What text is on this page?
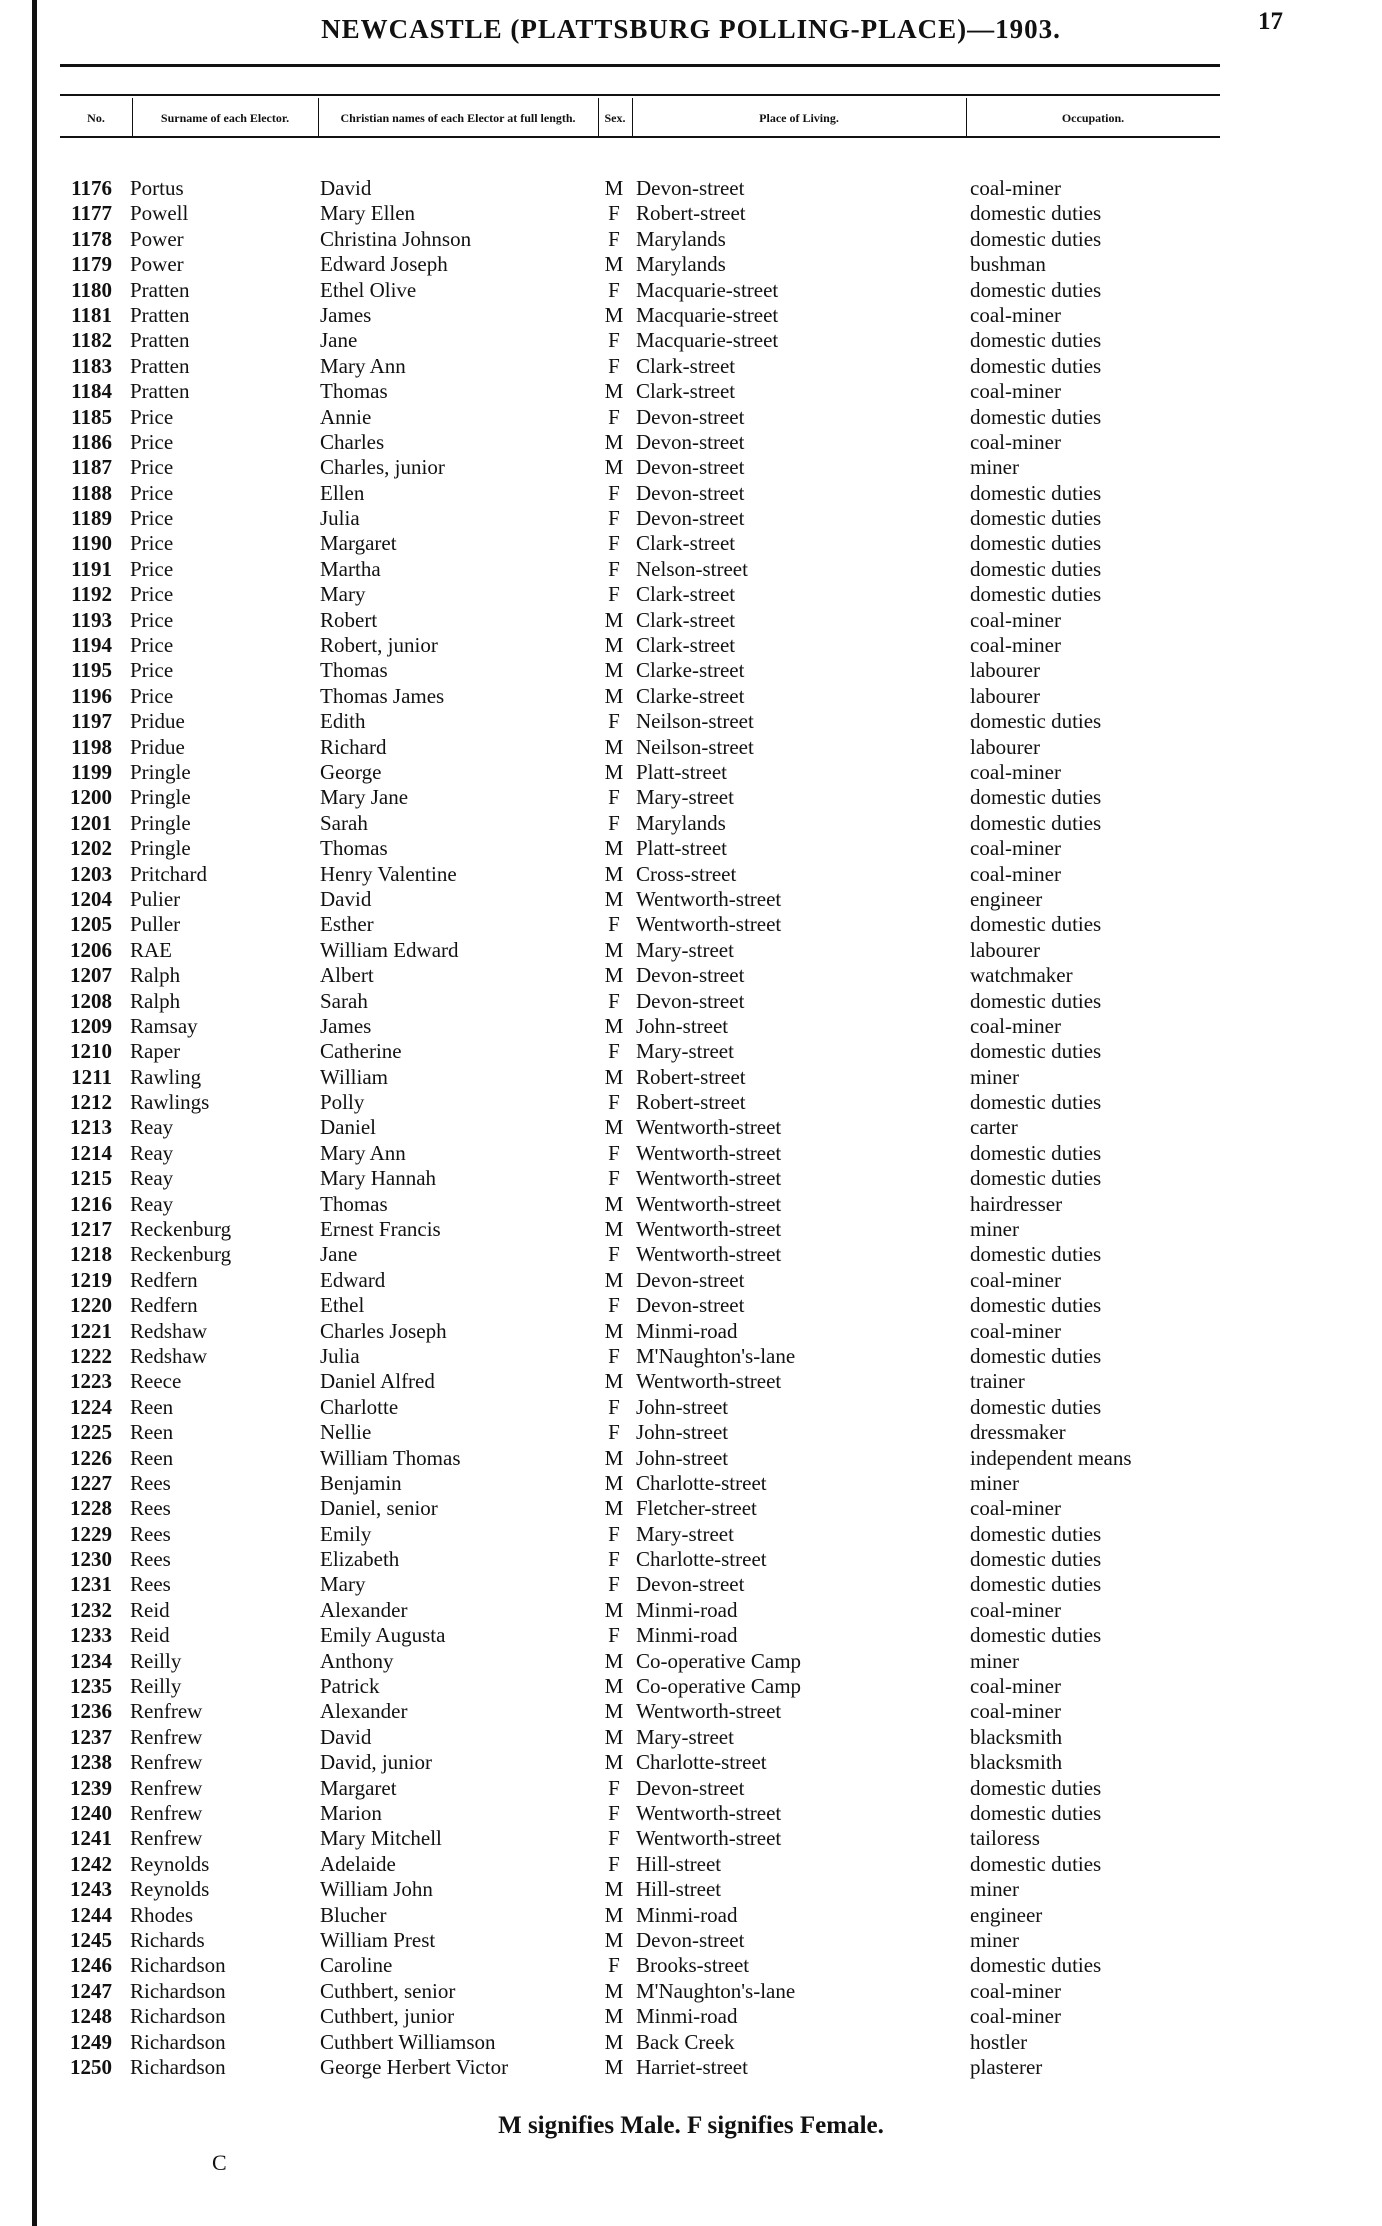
NEWCASTLE (PLATTSBURG POLLING-PLACE)—1903.	17
No.	Surname of each Elector.	Christian names of each Elector at full length.	Sex.	Place of Living.	Occupation.
1176 Portus	David	M Devon-street	coal-miner
1177 Powell	Mary Ellen	F Robert-street	domestic duties
1178 Power	Christina Johnson	F Marylands	domestic duties
1179 Power	Edward Joseph	M Marylands	bushman
1180 Pratten	Ethel Olive	F Macquarie-street	domestic duties
1181 Pratten	James	M Macquarie-street	coal-miner
1182 Pratten	Jane	F Macquarie-street	domestic duties
1183 Pratten	Mary Ann	F Clark-street	domestic duties
1184 Pratten	Thomas	M Clark-street	coal-miner
1185 Price	Annie	F Devon-street	domestic duties
1186 Price	Charles	M Devon-street	coal-miner
1187 Price	Charles, junior	M Devon-street	miner
1188 Price	Ellen	F Devon-street	domestic duties
1189 Price	Julia	F Devon-street	domestic duties
1190 Price	Margaret	F Clark-street	domestic duties
1191 Price	Martha	F Nelson-street	domestic duties
1192 Price	Mary	F Clark-street	domestic duties
1193 Price	Robert	M Clark-street	coal-miner
1194 Price	Robert, junior	M Clark-street	coal-miner
1195 Price	Thomas	M Clarke-street	labourer
1196 Price	Thomas James	M Clarke-street	labourer
1197 Pridue	Edith	F Neilson-street	domestic duties
1198 Pridue	Richard	M Neilson-street	labourer
1199 Pringle	George	M Platt-street	coal-miner
1200 Pringle	Mary Jane	F Mary-street	domestic duties
1201 Pringle	Sarah	F Marylands	domestic duties
1202 Pringle	Thomas	M Platt-street	coal-miner
1203 Pritchard	Henry Valentine	M Cross-street	coal-miner
1204 Pulier	David	M Wentworth-street	engineer
1205 Puller	Esther	F Wentworth-street	domestic duties
1206 RAE	William Edward	M Mary-street	labourer
1207 Ralph	Albert	M Devon-street	watchmaker
1208 Ralph	Sarah	F Devon-street	domestic duties
1209 Ramsay	James	M John-street	coal-miner
1210 Raper	Catherine	F Mary-street	domestic duties
1211 Rawling	William	M Robert-street	miner
1212 Rawlings	Polly	F Robert-street	domestic duties
1213 Reay	Daniel	M Wentworth-street	carter
1214 Reay	Mary Ann	F Wentworth-street	domestic duties
1215 Reay	Mary Hannah	F Wentworth-street	domestic duties
1216 Reay	Thomas	M Wentworth-street	hairdresser
1217 Reckenburg	Ernest Francis	M Wentworth-street	miner
1218 Reckenburg	Jane	F Wentworth-street	domestic duties
1219 Redfern	Edward	M Devon-street	coal-miner
1220 Redfern	Ethel	F Devon-street	domestic duties
1221 Redshaw	Charles Joseph	M Minmi-road	coal-miner
1222 Redshaw	Julia	F M'Naughton's-lane	domestic duties
1223 Reece	Daniel Alfred	M Wentworth-street	trainer
1224 Reen	Charlotte	F John-street	domestic duties
1225 Reen	Nellie	F John-street	dressmaker
1226 Reen	William Thomas	M John-street	independent means
1227 Rees	Benjamin	M Charlotte-street	miner
1228 Rees	Daniel, senior	M Fletcher-street	coal-miner
1229 Rees	Emily	F Mary-street	domestic duties
1230 Rees	Elizabeth	F Charlotte-street	domestic duties
1231 Rees	Mary	F Devon-street	domestic duties
1232 Reid	Alexander	M Minmi-road	coal-miner
1233 Reid	Emily Augusta	F Minmi-road	domestic duties
1234 Reilly	Anthony	M Co-operative Camp	miner
1235 Reilly	Patrick	M Co-operative Camp	coal-miner
1236 Renfrew	Alexander	M Wentworth-street	coal-miner
1237 Renfrew	David	M Mary-street	blacksmith
1238 Renfrew	David, junior	M Charlotte-street	blacksmith
1239 Renfrew	Margaret	F Devon-street	domestic duties
1240 Renfrew	Marion	F Wentworth-street	domestic duties
1241 Renfrew	Mary Mitchell	F Wentworth-street	tailoress
1242 Reynolds	Adelaide	F Hill-street	domestic duties
1243 Reynolds	William John	M Hill-street	miner
1244 Rhodes	Blucher	M Minmi-road	engineer
1245 Richards	William Prest	M Devon-street	miner
1246 Richardson	Caroline	F Brooks-street	domestic duties
1247 Richardson	Cuthbert, senior	M M'Naughton's-lane	coal-miner
1248 Richardson	Cuthbert, junior	M Minmi-road	coal-miner
1249 Richardson	Cuthbert Williamson	M Back Creek	hostler
1250 Richardson	George Herbert Victor	M Harriet-street	plasterer
M signifies Male. F signifies Female.
C
